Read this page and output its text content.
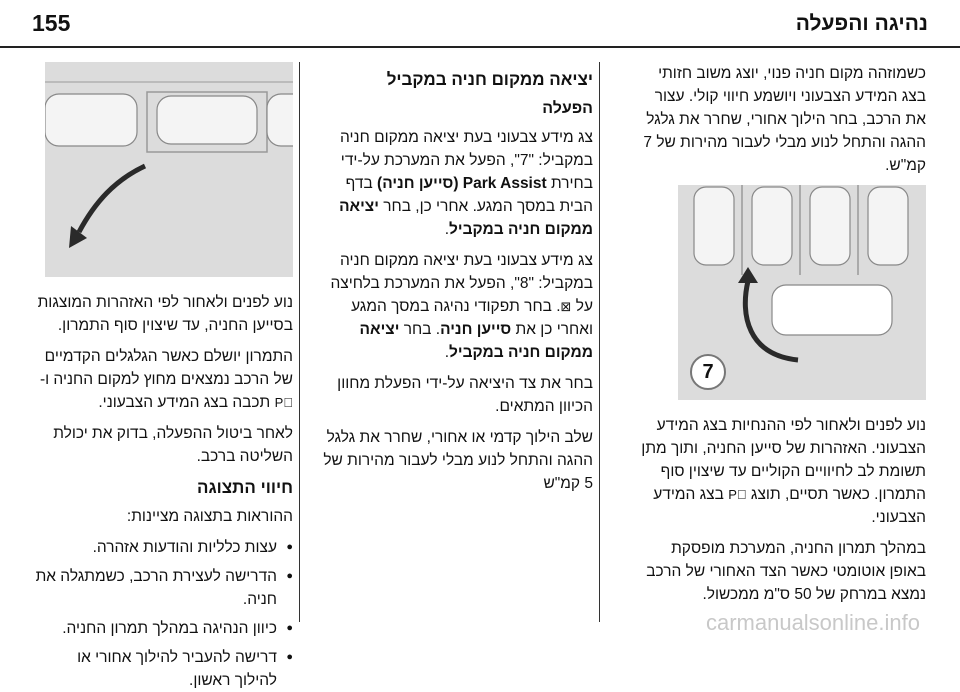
155	נהיגה והפעלה

כשמוזהה מקום חניה פנוי, יוצג משוב חזותי בצג המידע הצבעוני ויושמע חיווי קולי. עצור את הרכב, בחר הילוך אחורי, שחרר את גלגל ההגה והתחל לנוע מבלי לעבור מהירות של 7 קמ"ש.

7

נוע לפנים ולאחור לפי ההנחיות בצג המידע הצבעוני. האזהרות של סייען החניה, ותוך מתן תשומת לב לחיוויים הקוליים עד שיצוין סוף התמרון. כאשר תסיים, תוצג P⃕ בצג המידע הצבעוני.

במהלך תמרון החניה, המערכת מופסקת באופן אוטומטי כאשר הצד האחורי של הרכב נמצא במרחק של 50 ס"מ ממכשול.

יציאה ממקום חניה במקביל
הפעלה

צג מידע צבעוני בעת יציאה ממקום חניה במקביל: "7", הפעל את המערכת על-ידי בחירת Park Assist (סייען חניה) בדף הבית במסך המגע. אחרי כן, בחר יציאה ממקום חניה במקביל.

צג מידע צבעוני בעת יציאה ממקום חניה במקביל: "8", הפעל את המערכת בלחיצה על ⊠. בחר תפקודי נהיגה במסך המגע ואחרי כן את סייען חניה. בחר יציאה ממקום חניה במקביל.

בחר את צד היציאה על-ידי הפעלת מחוון הכיוון המתאים.

שלב הילוך קדמי או אחורי, שחרר את גלגל ההגה והתחל לנוע מבלי לעבור מהירות של 5 קמ"ש

נוע לפנים ולאחור לפי האזהרות המוצגות בסייען החניה, עד שיצוין סוף התמרון.

התמרון יושלם כאשר הגלגלים הקדמיים של הרכב נמצאים מחוץ למקום החניה ו-P⃕ תכבה בצג המידע הצבעוני.

לאחר ביטול ההפעלה, בדוק את יכולת השליטה ברכב.

חיווי התצוגה

ההוראות בתצוגה מציינות:

● עצות כלליות והודעות אזהרה.
● הדרישה לעצירת הרכב, כשמתגלה את חניה.
● כיוון הנהיגה במהלך תמרון החניה.
● דרישה להעביר להילוך אחורי או להילוך ראשון.
carmanualsonline.info
